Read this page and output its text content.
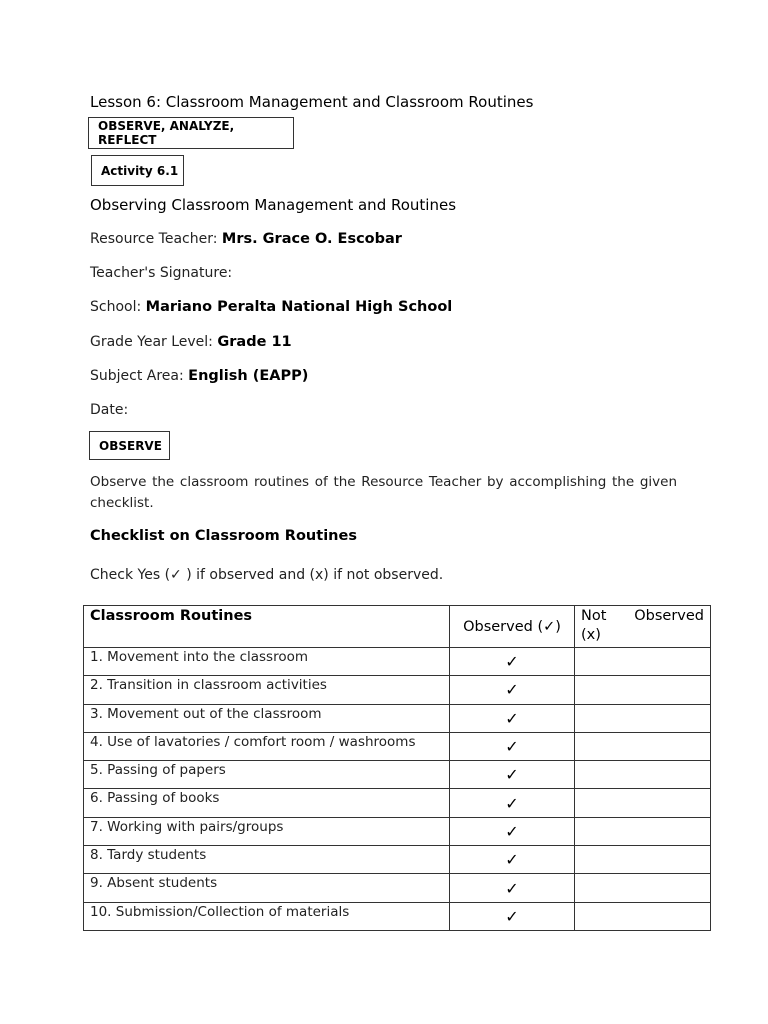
Lesson 6: Classroom Management and Classroom Routines

OBSERVE, ANALYZE, REFLECT
Activity 6.1

Observing Classroom Management and Routines

Resource Teacher: Mrs. Grace O. Escobar

Teacher's Signature:

School: Mariano Peralta National High School

Grade Year Level: Grade 11

Subject Area: English (EAPP)

Date:

OBSERVE

Observe the classroom routines of the Resource Teacher by accomplishing the given checklist.

Checklist on Classroom Routines

Check Yes (✓ ) if observed and (x) if not observed.

Classroom Routines	Observed (✓)	Not Observed (x)
1. Movement into the classroom	✓	
2. Transition in classroom activities	✓	
3. Movement out of the classroom	✓	
4. Use of lavatories / comfort room / washrooms	✓	
5. Passing of papers	✓	
6. Passing of books	✓	
7. Working with pairs/groups	✓	
8. Tardy students	✓	
9. Absent students	✓	
10. Submission/Collection of materials	✓	
